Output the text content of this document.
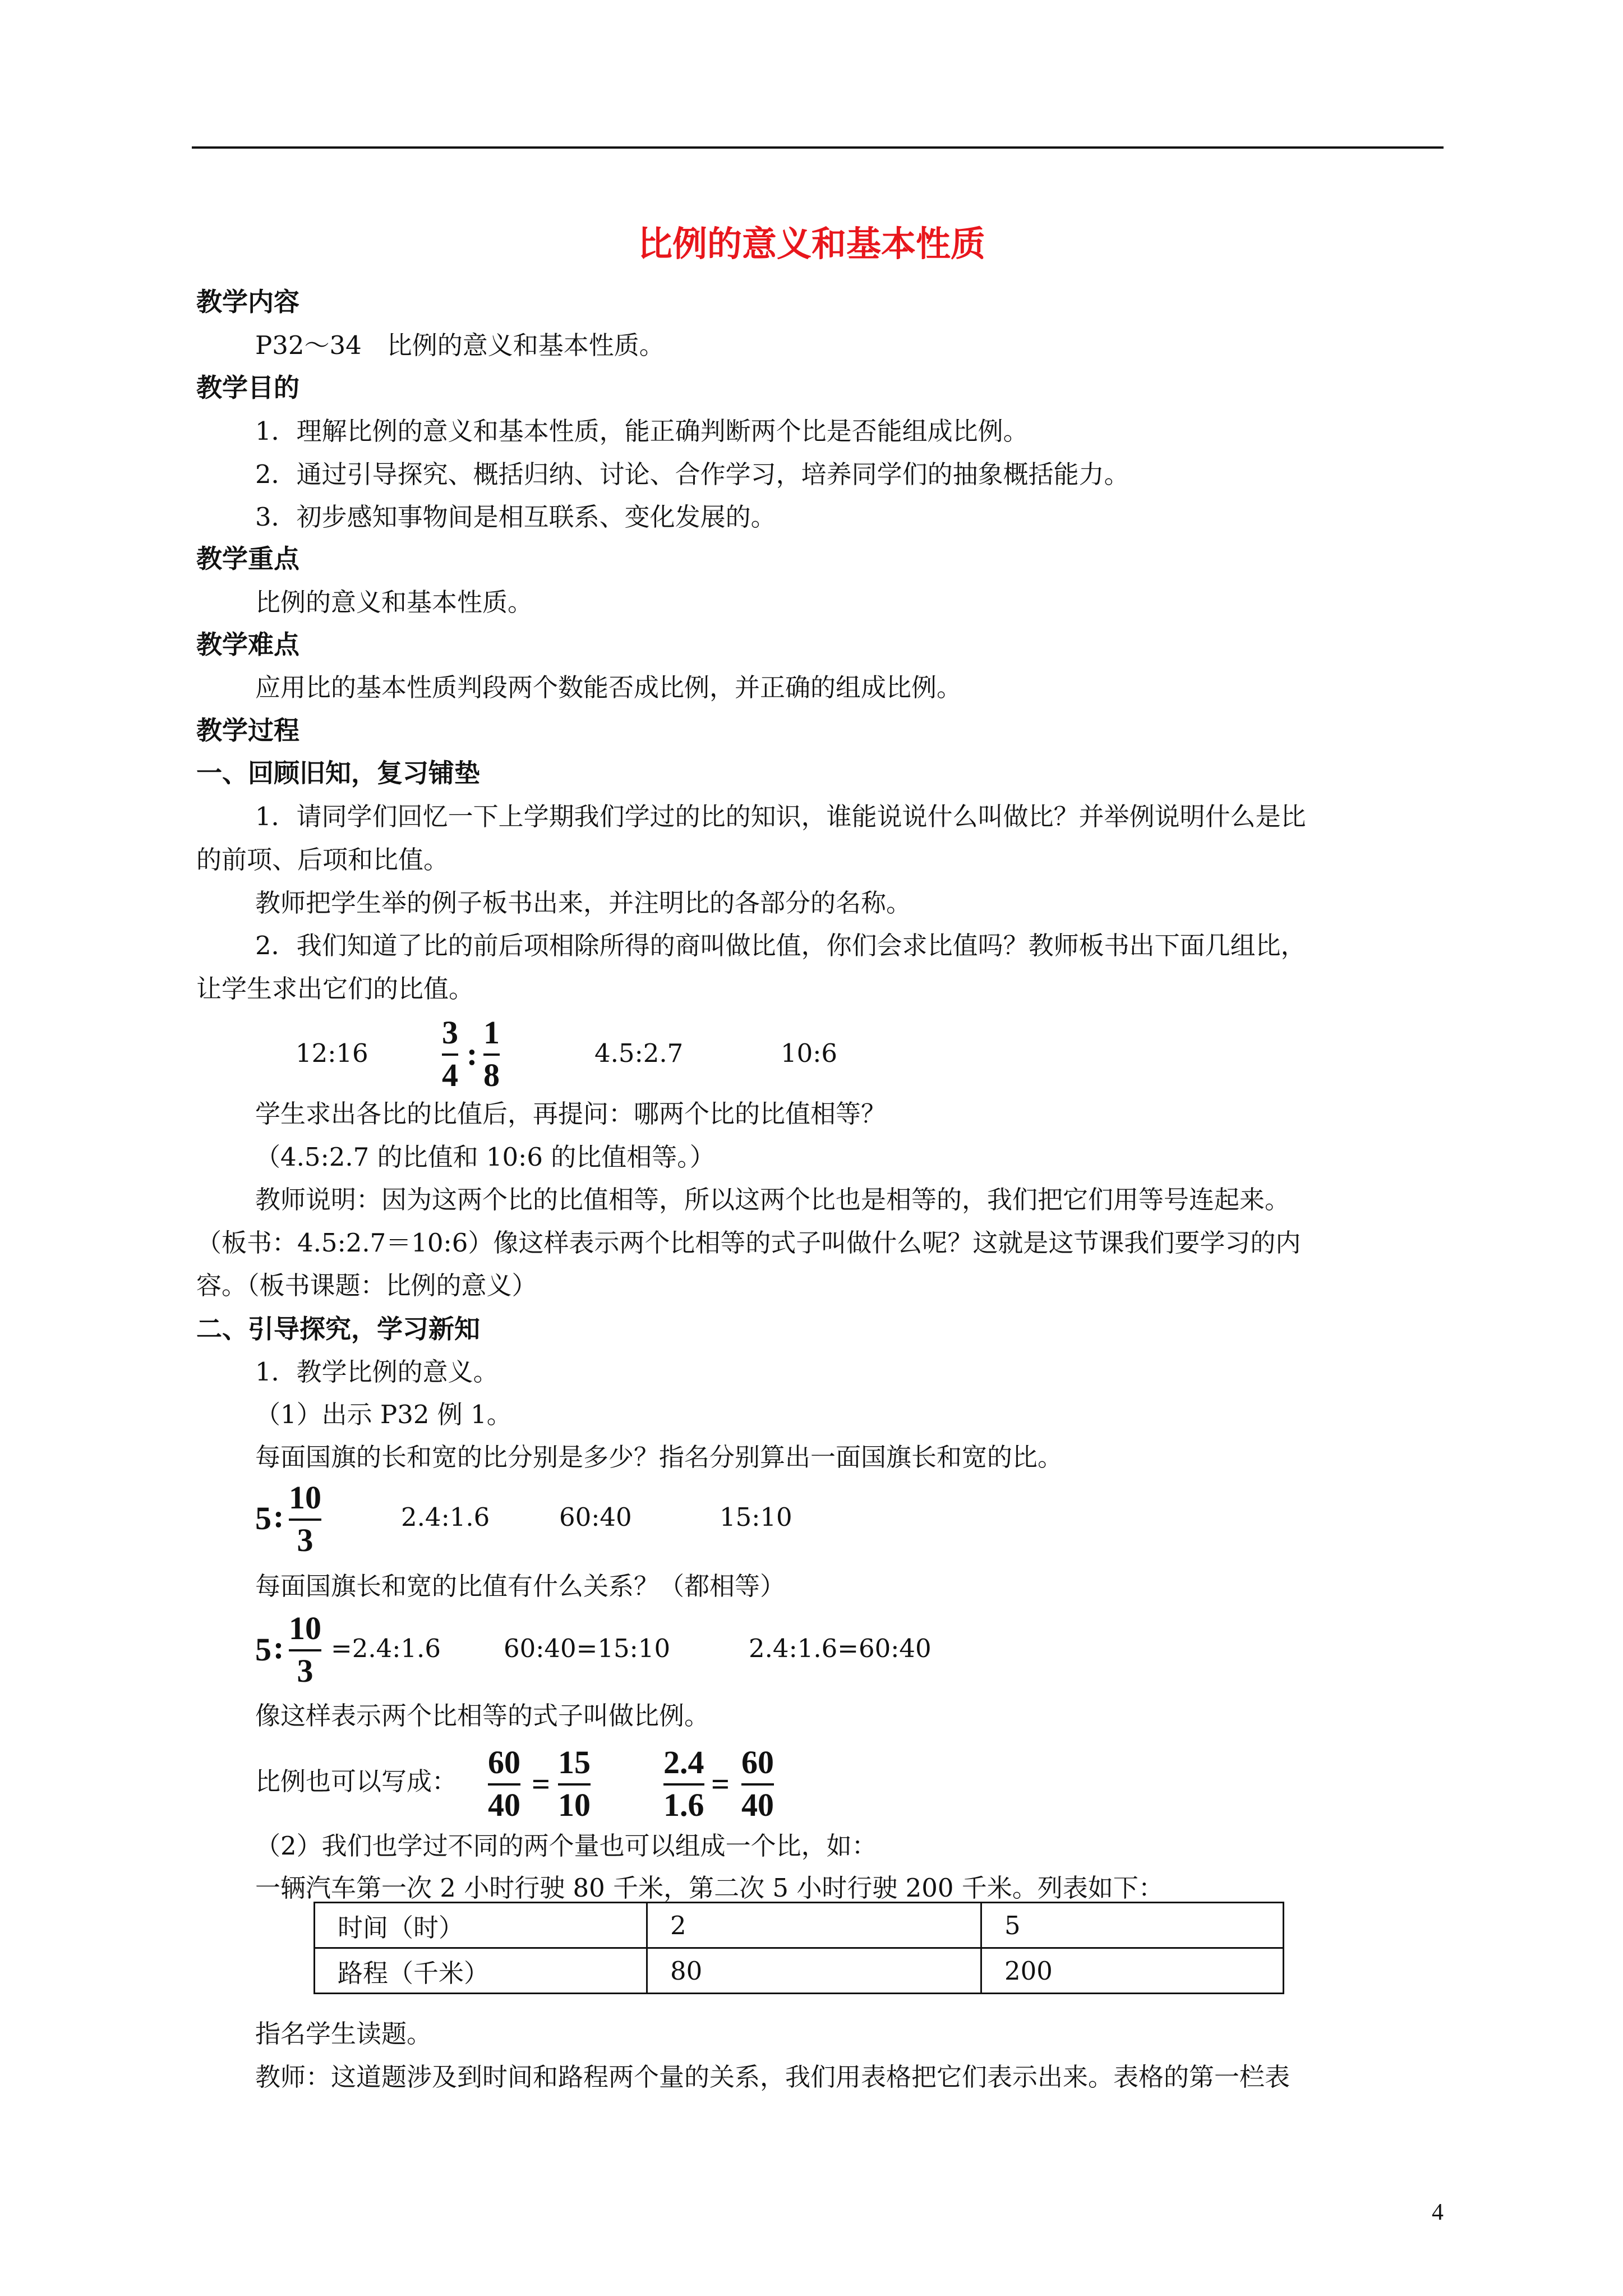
比例的意义和基本性质
教学内容
P32～34　比例的意义和基本性质。
教学目的
1．理解比例的意义和基本性质，能正确判断两个比是否能组成比例。
2．通过引导探究、概括归纳、讨论、合作学习，培养同学们的抽象概括能力。
3．初步感知事物间是相互联系、变化发展的。
教学重点
比例的意义和基本性质。
教学难点
应用比的基本性质判段两个数能否成比例，并正确的组成比例。
教学过程
一、回顾旧知，复习铺垫
1．请同学们回忆一下上学期我们学过的比的知识，谁能说说什么叫做比？并举例说明什么是比
的前项、后项和比值。
教师把学生举的例子板书出来，并注明比的各部分的名称。
2．我们知道了比的前后项相除所得的商叫做比值，你们会求比值吗？教师板书出下面几组比，
让学生求出它们的比值。
12:16
3
4
:
1
8
4.5:2.7	10:6
学生求出各比的比值后，再提问：哪两个比的比值相等？
（4.5:2.7 的比值和 10:6 的比值相等。）
教师说明：因为这两个比的比值相等，所以这两个比也是相等的，我们把它们用等号连起来。
（板书：4.5:2.7＝10:6）像这样表示两个比相等的式子叫做什么呢？这就是这节课我们要学习的内
容。（板书课题：比例的意义）
二、引导探究，学习新知
1．教学比例的意义。
（1）出示 P32 例 1。
每面国旗的长和宽的比分别是多少？指名分别算出一面国旗长和宽的比。
5 :
10
3
2.4:1.6	60:40	15:10
每面国旗长和宽的比值有什么关系？（都相等）
5 :
10
3
=2.4:1.6 60:40=15:10	2.4:1.6=60:40
像这样表示两个比相等的式子叫做比例。
比例也可以写成：
60
40
=
15
10
2.4
1.6
=
60
40
（2）我们也学过不同的两个量也可以组成一个比，如：
一辆汽车第一次 2 小时行驶 80 千米，第二次 5 小时行驶 200 千米。列表如下：
时间（时）	2	5
路程（千米）	80	200
指名学生读题。
教师：这道题涉及到时间和路程两个量的关系，我们用表格把它们表示出来。表格的第一栏表
4
